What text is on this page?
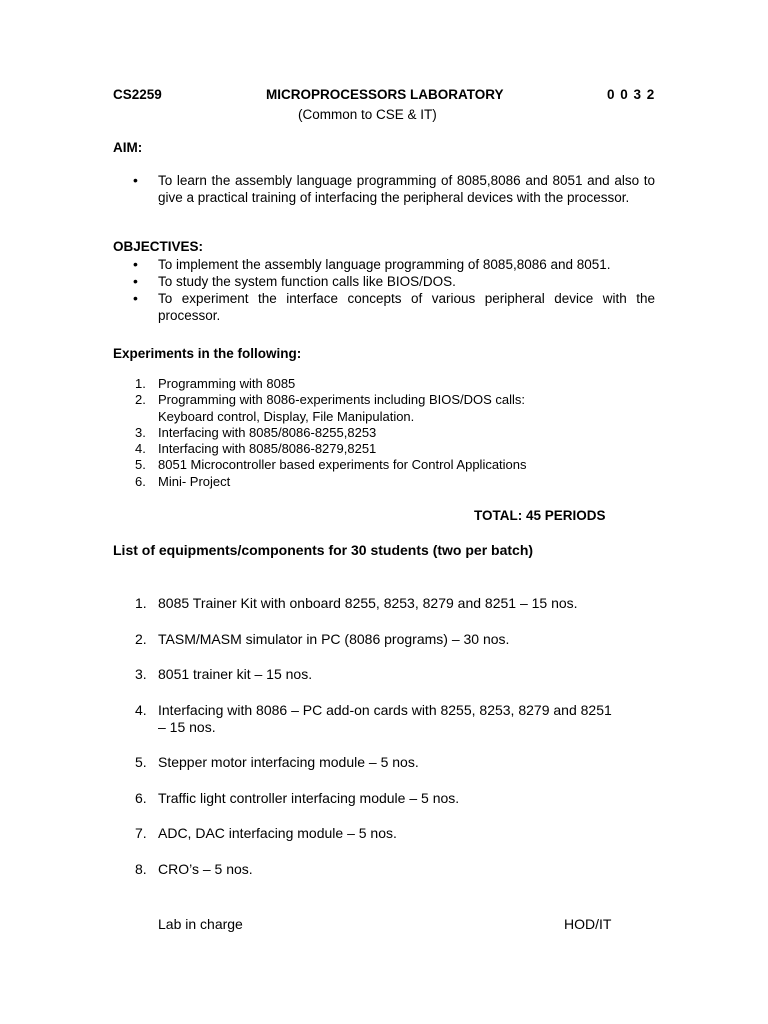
CS2259	MICROPROCESSORS LABORATORY	0 0 3 2
(Common to CSE & IT)
AIM:
• To learn the assembly language programming of 8085,8086 and 8051 and also to give a practical training of interfacing the peripheral devices with the processor.
OBJECTIVES:
• To implement the assembly language programming of 8085,8086 and 8051.
• To study the system function calls like BIOS/DOS.
• To experiment the interface concepts of various peripheral device with the processor.
Experiments in the following:
1. Programming with 8085
2. Programming with 8086-experiments including BIOS/DOS calls:
Keyboard control, Display, File Manipulation.
3. Interfacing with 8085/8086-8255,8253
4. Interfacing with 8085/8086-8279,8251
5. 8051 Microcontroller based experiments for Control Applications
6. Mini- Project
TOTAL: 45 PERIODS
List of equipments/components for 30 students (two per batch)
1. 8085 Trainer Kit with onboard 8255, 8253, 8279 and 8251 – 15 nos.
2. TASM/MASM simulator in PC (8086 programs) – 30 nos.
3. 8051 trainer kit – 15 nos.
4. Interfacing with 8086 – PC add-on cards with 8255, 8253, 8279 and 8251
– 15 nos.
5. Stepper motor interfacing module – 5 nos.
6. Traffic light controller interfacing module – 5 nos.
7. ADC, DAC interfacing module – 5 nos.
8. CRO’s – 5 nos.
Lab in charge	HOD/IT
